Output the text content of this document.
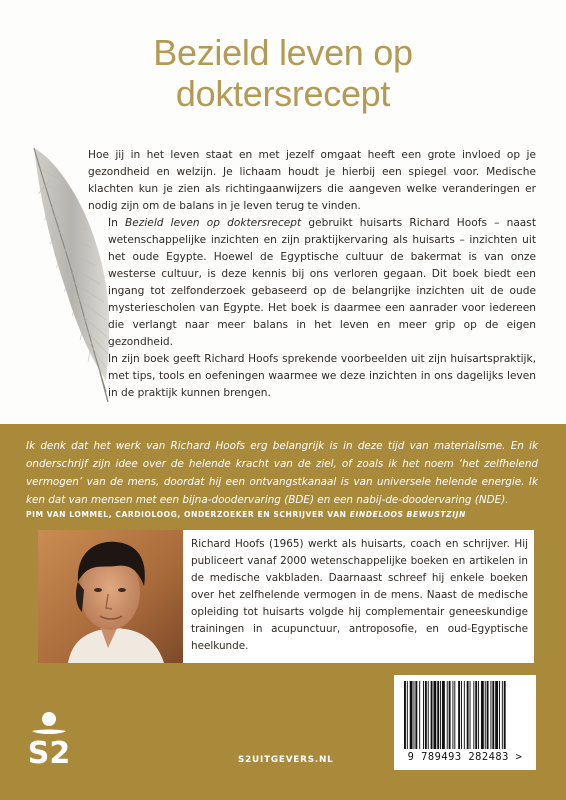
Bezield leven op
doktersrecept

Hoe jij in het leven staat en met jezelf omgaat heeft een grote invloed op je gezondheid en welzijn. Je lichaam houdt je hierbij een spiegel voor. Medische klachten kun je zien als richtingaanwijzers die aangeven welke veranderingen er nodig zijn om de balans in je leven terug te vinden.

In Bezield leven op doktersrecept gebruikt huisarts Richard Hoofs – naast wetenschappelijke inzichten en zijn praktijkervaring als huisarts – inzichten uit het oude Egypte. Hoewel de Egyptische cultuur de bakermat is van onze westerse cultuur, is deze kennis bij ons verloren gegaan. Dit boek biedt een ingang tot zelfonderzoek gebaseerd op de belangrijke inzichten uit de oude mysteriescholen van Egypte. Het boek is daarmee een aanrader voor iedereen die verlangt naar meer balans in het leven en meer grip op de eigen gezondheid.

In zijn boek geeft Richard Hoofs sprekende voorbeelden uit zijn huisartspraktijk, met tips, tools en oefeningen waarmee we deze inzichten in ons dagelijks leven in de praktijk kunnen brengen.

Ik denk dat het werk van Richard Hoofs erg belangrijk is in deze tijd van materialisme. En ik onderschrijf zijn idee over de helende kracht van de ziel, of zoals ik het noem ‘het zelfhelend vermogen’ van de mens, doordat hij een ontvangstkanaal is van universele helende energie. Ik ken dat van mensen met een bijna-doodervaring (BDE) en een nabij-de-doodervaring (NDE).

PIM VAN LOMMEL, CARDIOLOOG, ONDERZOEKER EN SCHRIJVER VAN EINDELOOS BEWUSTZIJN

Richard Hoofs (1965) werkt als huisarts, coach en schrijver. Hij publiceert vanaf 2000 wetenschappelijke boeken en artikelen in de medische vakbladen. Daarnaast schreef hij enkele boeken over het zelfhelende vermogen in de mens. Naast de medische opleiding tot huisarts volgde hij complementair geneeskundige trainingen in acupunctuur, antroposofie, en oud-Egyptische heelkunde.

S2	S2UITGEVERS.NL	9 789493 282483 >
